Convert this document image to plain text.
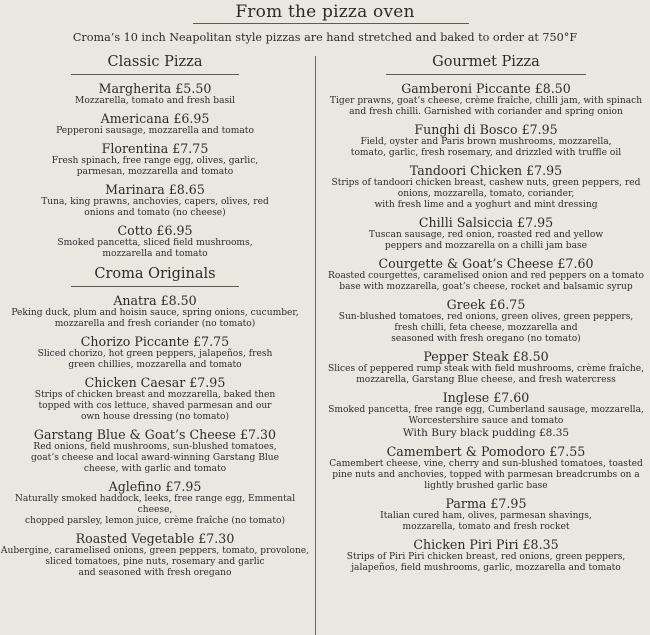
From the pizza oven
Croma’s 10 inch Neapolitan style pizzas are hand stretched and baked to order at 750°F
Classic Pizza
Margherita £5.50
Mozzarella, tomato and fresh basil
Americana £6.95
Pepperoni sausage, mozzarella and tomato
Florentina £7.75
Fresh spinach, free range egg, olives, garlic,
parmesan, mozzarella and tomato
Marinara £8.65
Tuna, king prawns, anchovies, capers, olives, red
onions and tomato (no cheese)
Cotto £6.95
Smoked pancetta, sliced field mushrooms,
mozzarella and tomato
Croma Originals
Anatra £8.50
Peking duck, plum and hoisin sauce, spring onions, cucumber,
mozzarella and fresh coriander (no tomato)
Chorizo Piccante £7.75
Sliced chorizo, hot green peppers, jalapeños, fresh
green chillies, mozzarella and tomato
Chicken Caesar £7.95
Strips of chicken breast and mozzarella, baked then
topped with cos lettuce, shaved parmesan and our
own house dressing (no tomato)
Garstang Blue & Goat’s Cheese £7.30
Red onions, field mushrooms, sun-blushed tomatoes,
goat’s cheese and local award-winning Garstang Blue
cheese, with garlic and tomato
Aglefino £7.95
Naturally smoked haddock, leeks, free range egg, Emmental cheese,
chopped parsley, lemon juice, crème fraîche (no tomato)
Roasted Vegetable £7.30
Aubergine, caramelised onions, green peppers, tomato, provolone,
sliced tomatoes, pine nuts, rosemary and garlic
and seasoned with fresh oregano
Gourmet Pizza
Gamberoni Piccante £8.50
Tiger prawns, goat’s cheese, crème fraîche, chilli jam, with spinach
and fresh chilli. Garnished with coriander and spring onion
Funghi di Bosco £7.95
Field, oyster and Paris brown mushrooms, mozzarella,
tomato, garlic, fresh rosemary, and drizzled with truffle oil
Tandoori Chicken £7.95
Strips of tandoori chicken breast, cashew nuts, green peppers, red
onions, mozzarella, tomato, coriander,
with fresh lime and a yoghurt and mint dressing
Chilli Salsiccia £7.95
Tuscan sausage, red onion, roasted red and yellow
peppers and mozzarella on a chilli jam base
Courgette & Goat’s Cheese £7.60
Roasted courgettes, caramelised onion and red peppers on a tomato
base with mozzarella, goat’s cheese, rocket and balsamic syrup
Greek £6.75
Sun-blushed tomatoes, red onions, green olives, green peppers,
fresh chilli, feta cheese, mozzarella and
seasoned with fresh oregano (no tomato)
Pepper Steak £8.50
Slices of peppered rump steak with field mushrooms, crème fraîche,
mozzarella, Garstang Blue cheese, and fresh watercress
Inglese £7.60
Smoked pancetta, free range egg, Cumberland sausage, mozzarella,
Worcestershire sauce and tomato
With Bury black pudding £8.35
Camembert & Pomodoro £7.55
Camembert cheese, vine, cherry and sun-blushed tomatoes, toasted
pine nuts and anchovies, topped with parmesan breadcrumbs on a
lightly brushed garlic base
Parma £7.95
Italian cured ham, olives, parmesan shavings,
mozzarella, tomato and fresh rocket
Chicken Piri Piri £8.35
Strips of Piri Piri chicken breast, red onions, green peppers,
jalapeños, field mushrooms, garlic, mozzarella and tomato
